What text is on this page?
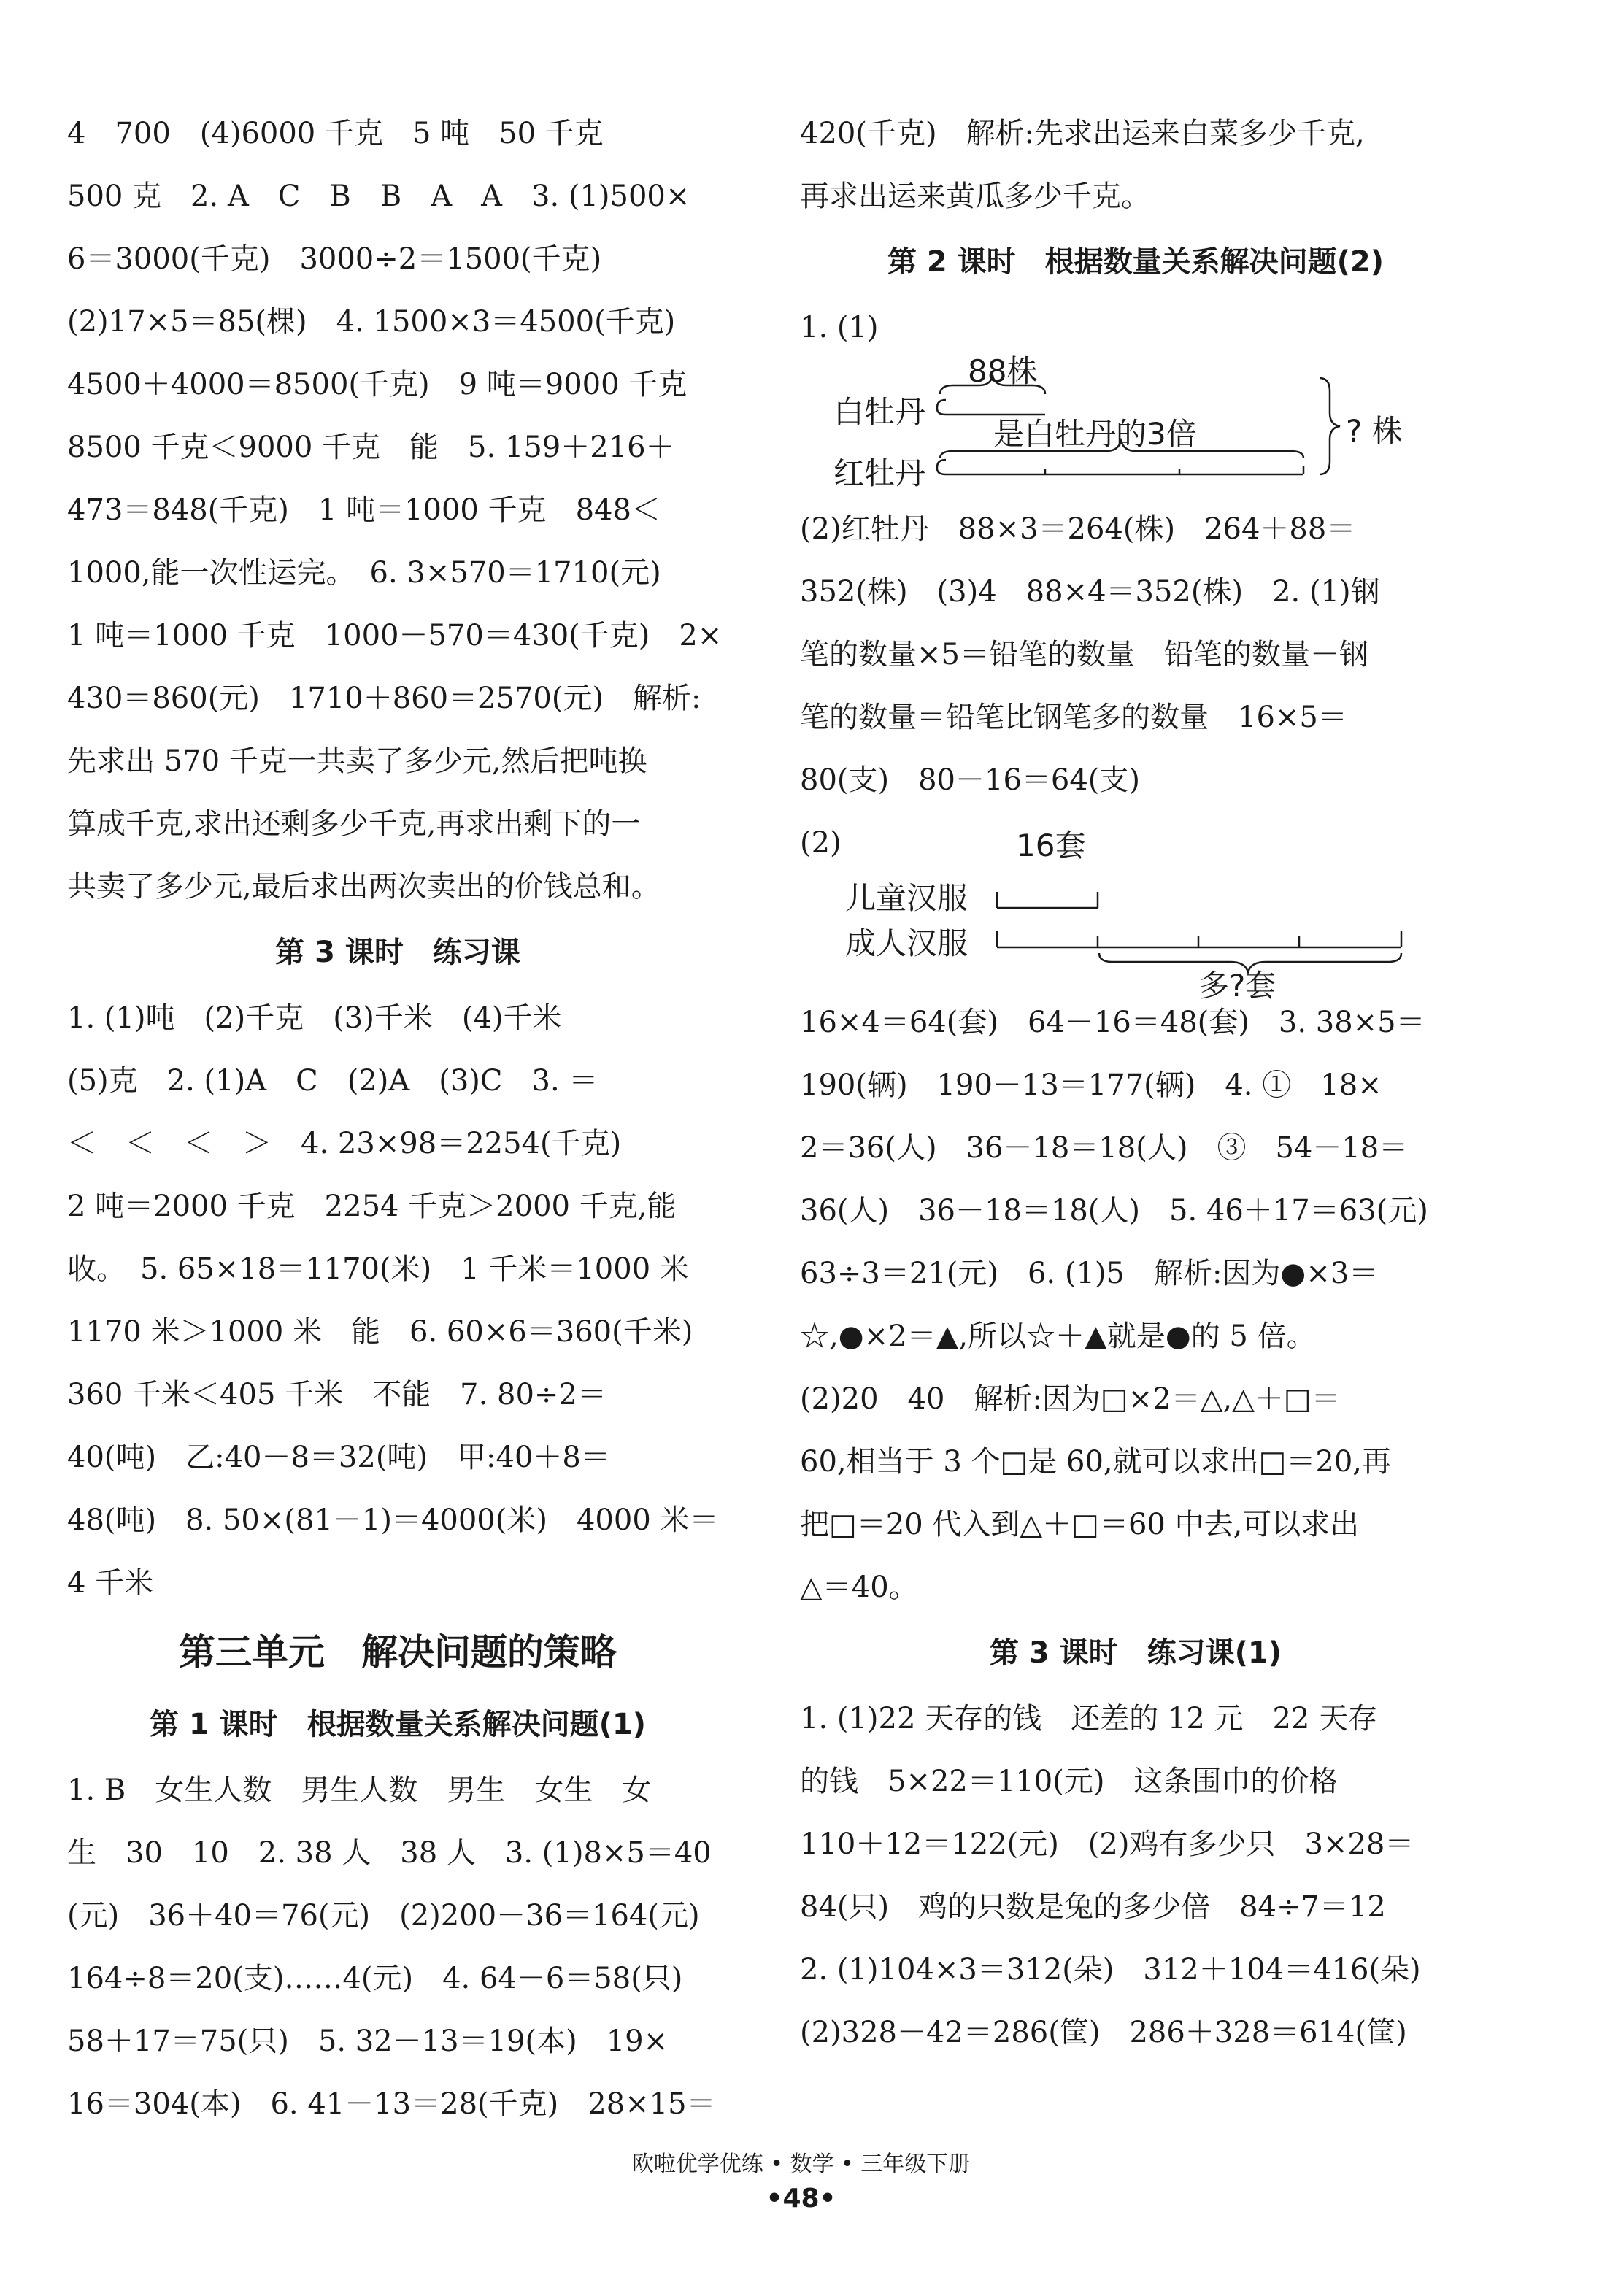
4　700　(4)6000 千克　5 吨　50 千克
500 克　2. A　C　B　B　A　A　3. (1)500×
6＝3000(千克)　3000÷2＝1500(千克)
(2)17×5＝85(棵)　4. 1500×3＝4500(千克)
4500＋4000＝8500(千克)　9 吨＝9000 千克
8500 千克＜9000 千克　能　5. 159＋216＋
473＝848(千克)　1 吨＝1000 千克　848＜
1000,能一次性运完。　6. 3×570＝1710(元)
1 吨＝1000 千克　1000－570＝430(千克)　2×
430＝860(元)　1710＋860＝2570(元)　解析:
先求出 570 千克一共卖了多少元,然后把吨换
算成千克,求出还剩多少千克,再求出剩下的一
共卖了多少元,最后求出两次卖出的价钱总和。
第 3 课时　练习课
1. (1)吨　(2)千克　(3)千米　(4)千米
(5)克　2. (1)A　C　(2)A　(3)C　3. ＝
＜　＜　＜　＞　4. 23×98＝2254(千克)
2 吨＝2000 千克　2254 千克＞2000 千克,能
收。　5. 65×18＝1170(米)　1 千米＝1000 米
1170 米＞1000 米　能　6. 60×6＝360(千米)
360 千米＜405 千米　不能　7. 80÷2＝
40(吨)　乙:40－8＝32(吨)　甲:40＋8＝
48(吨)　8. 50×(81－1)＝4000(米)　4000 米＝
4 千米
第三单元　解决问题的策略
第 1 课时　根据数量关系解决问题(1)
1. B　女生人数　男生人数　男生　女生　女
生　30　10　2. 38 人　38 人　3. (1)8×5＝40
(元)　36＋40＝76(元)　(2)200－36＝164(元)
164÷8＝20(支)……4(元)　4. 64－6＝58(只)
58＋17＝75(只)　5. 32－13＝19(本)　19×
16＝304(本)　6. 41－13＝28(千克)　28×15＝
420(千克)　解析:先求出运来白菜多少千克,
再求出运来黄瓜多少千克。
第 2 课时　根据数量关系解决问题(2)
1. (1)
88株
白牡丹
是白牡丹的3倍
红牡丹
? 株
(2)红牡丹　88×3＝264(株)　264＋88＝
352(株)　(3)4　88×4＝352(株)　2. (1)钢
笔的数量×5＝铅笔的数量　铅笔的数量－钢
笔的数量＝铅笔比钢笔多的数量　16×5＝
80(支)　80－16＝64(支)
(2)	16套
儿童汉服
成人汉服
多?套
16×4＝64(套)　64－16＝48(套)　3. 38×5＝
190(辆)　190－13＝177(辆)　4. ①　18×
2＝36(人)　36－18＝18(人)　③　54－18＝
36(人)　36－18＝18(人)　5. 46＋17＝63(元)
63÷3＝21(元)　6. (1)5　解析:因为●×3＝
☆,●×2＝▲,所以☆＋▲就是●的 5 倍。
(2)20　40　解析:因为□×2＝△,△＋□＝
60,相当于 3 个□是 60,就可以求出□＝20,再
把□＝20 代入到△＋□＝60 中去,可以求出
△＝40。
第 3 课时　练习课(1)
1. (1)22 天存的钱　还差的 12 元　22 天存
的钱　5×22＝110(元)　这条围巾的价格
110＋12＝122(元)　(2)鸡有多少只　3×28＝
84(只)　鸡的只数是兔的多少倍　84÷7＝12
2. (1)104×3＝312(朵)　312＋104＝416(朵)
(2)328－42＝286(筐)　286＋328＝614(筐)
欧啦优学优练 • 数学 • 三年级下册
•48•
